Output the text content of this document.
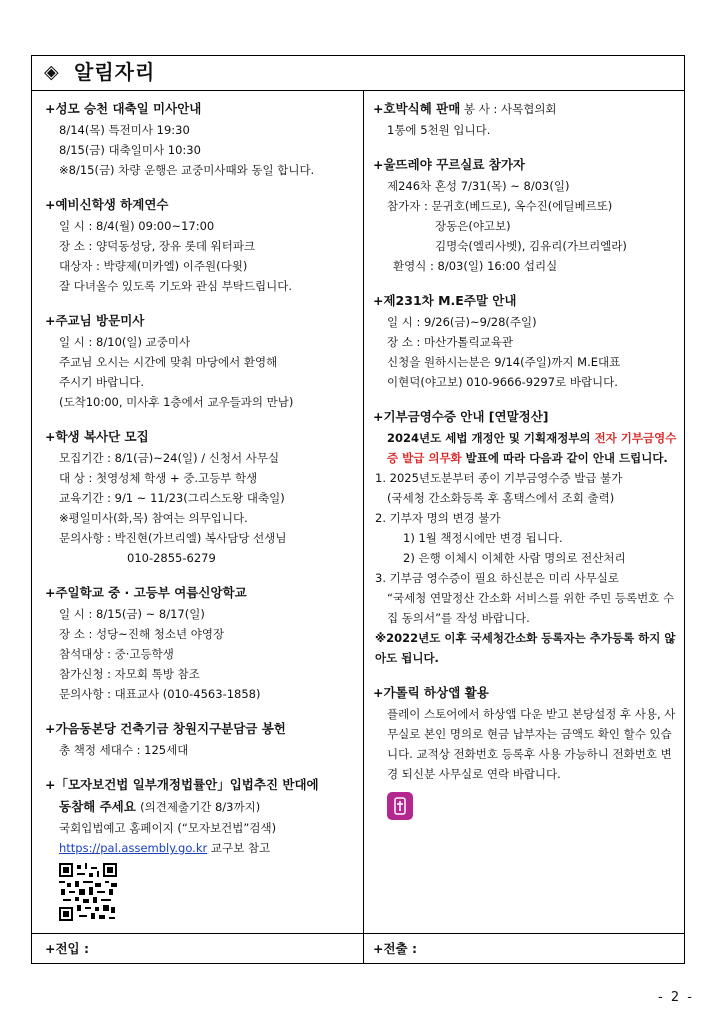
◈ 알림자리
+성모 승천 대축일 미사안내
8/14(목) 특전미사 19:30
8/15(금) 대축일미사 10:30
※8/15(금) 차량 운행은 교중미사때와 동일 합니다.
+예비신학생 하계연수
일 시 : 8/4(월) 09:00~17:00
장 소 : 양덕동성당, 장유 롯데 워터파크
대상자 : 박량제(미카엘) 이주원(다윗)
잘 다녀올수 있도록 기도와 관심 부탁드립니다.
+주교님 방문미사
일 시 : 8/10(일) 교중미사
주교님 오시는 시간에 맞춰 마당에서 환영해
주시기 바랍니다.
(도착10:00, 미사후 1층에서 교우들과의 만남)
+학생 복사단 모집
모집기간 : 8/1(금)~24(일) / 신청서 사무실
대 상 : 첫영성체 학생 + 중.고등부 학생
교육기간 : 9/1 ~ 11/23(그리스도왕 대축일)
※평일미사(화,목) 참여는 의무입니다.
문의사항 : 박진현(가브리엘) 복사담당 선생님
010-2855-6279
+주일학교 중 · 고등부 여름신앙학교
일 시 : 8/15(금) ~ 8/17(일)
장 소 : 성당~진해 청소년 야영장
참석대상 : 중·고등학생
참가신청 : 자모회 톡방 참조
문의사항 : 대표교사 (010-4563-1858)
+가음동본당 건축기금 창원지구분담금 봉헌
총 책정 세대수 : 125세대
+「모자보건법 일부개정법률안」입법추진 반대에
동참해 주세요 (의견제출기간 8/3까지)
국회입법예고 홈페이지 (“모자보건법”검색)
https://pal.assembly.go.kr 교구보 참고
+호박식혜 판매 봉 사 : 사목협의회
1통에 5천원 입니다.
+울뜨레야 꾸르실료 참가자
제246차 혼성 7/31(목) ~ 8/03(일)
참가자 : 문귀호(베드로), 옥수진(에딜베르또)
장동은(야고보)
김명숙(엘리사벳), 김유리(가브리엘라)
환영식 : 8/03(일) 16:00 섭리실
+제231차 M.E주말 안내
일 시 : 9/26(금)~9/28(주일)
장 소 : 마산가톨릭교육관
신청을 원하시는분은 9/14(주일)까지 M.E대표
이현덕(야고보) 010-9666-9297로 바랍니다.
+기부금영수증 안내 [연말정산]
2024년도 세법 개정안 및 기획재정부의 전자 기부금영수증 발급 의무화 발표에 따라 다음과 같이 안내 드립니다.
1. 2025년도분부터 종이 기부금영수증 발급 불가
(국세청 간소화등록 후 홈택스에서 조회 출력)
2. 기부자 명의 변경 불가
1) 1월 책정시에만 변경 됩니다.
2) 은행 이체시 이체한 사람 명의로 전산처리
3. 기부금 영수증이 필요 하신분은 미리 사무실로
“국세청 연말정산 간소화 서비스를 위한 주민 등록번호 수집 동의서”를 작성 바랍니다.
※2022년도 이후 국세청간소화 등록자는 추가등록 하지 않아도 됩니다.
+가톨릭 하상앱 활용
플레이 스토어에서 하상앱 다운 받고 본당설정 후 사용, 사무실로 본인 명의로 현금 납부자는 금액도 확인 할수 있습니다. 교적상 전화번호 등록후 사용 가능하니 전화번호 변경 되신분 사무실로 연락 바랍니다.
+전입 :	+전출 :
- 2 -
